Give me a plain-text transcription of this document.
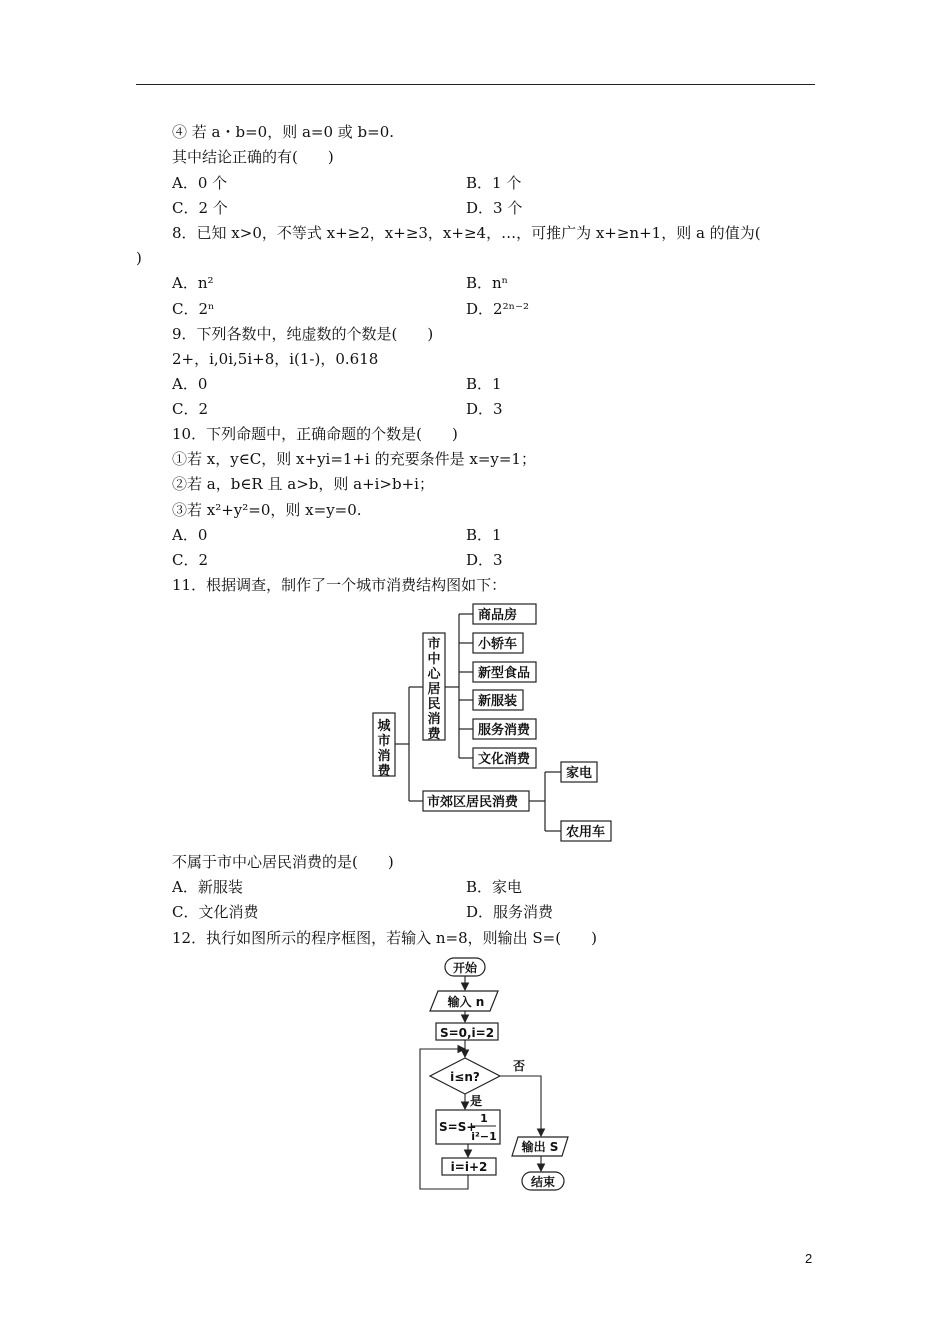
④ 若 a・b=0，则 a=0 或 b=0.
其中结论正确的有(　　)
A．0 个	B．1 个
C．2 个	D．3 个
8．已知 x>0，不等式 x+≥2，x+≥3，x+≥4，…，可推广为 x+≥n+1，则 a 的值为(
)
A．n²	B．nⁿ
C．2ⁿ	D．2²ⁿ⁻²
9．下列各数中，纯虚数的个数是(　　)
2+，i,0i,5i+8，i(1-)，0.618
A．0	B．1
C．2	D．3
10．下列命题中，正确命题的个数是(　　)
①若 x，y∈C，则 x+yi=1+i 的充要条件是 x=y=1；
②若 a，b∈R 且 a>b，则 a+i>b+i；
③若 x²+y²=0，则 x=y=0.
A．0	B．1
C．2	D．3
11．根据调查，制作了一个城市消费结构图如下：
城
市
消
费
市
中
心
居
民
消
费
商品房
小轿车
新型食品
新服装
服务消费
文化消费
市郊区居民消费
家电
农用车
不属于市中心居民消费的是(　　)
A．新服装	B．家电
C．文化消费	D．服务消费
12．执行如图所示的程序框图，若输入 n=8，则输出 S=(　　)
开始
输入 n
S=0,i=2
i≤n?
否
是
S=S+
1
i²−1
i=i+2
输出 S
结束
2
